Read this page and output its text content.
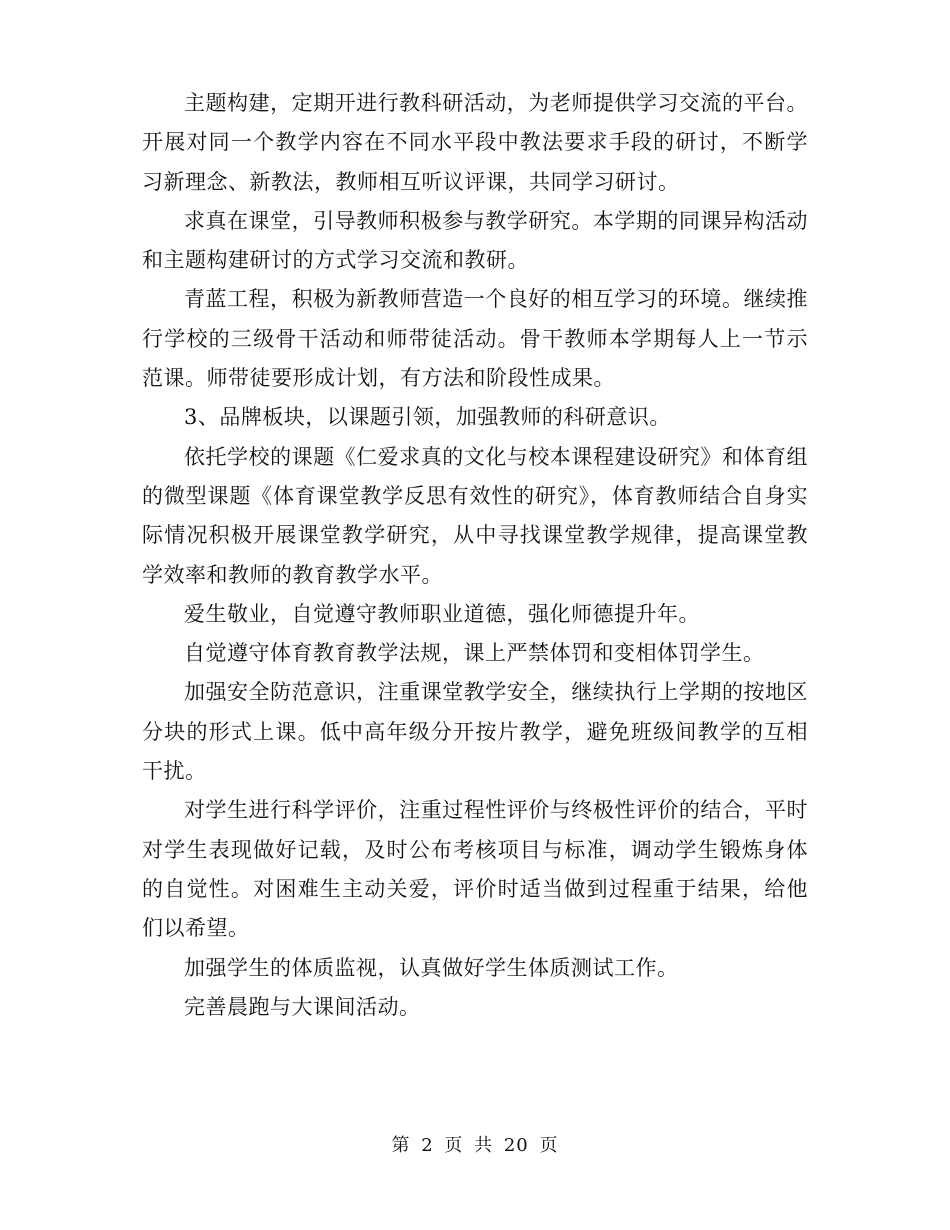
主题构建，定期开进行教科研活动，为老师提供学习交流的平台。开展对同一个教学内容在不同水平段中教法要求手段的研讨，不断学习新理念、新教法，教师相互听议评课，共同学习研讨。

求真在课堂，引导教师积极参与教学研究。本学期的同课异构活动和主题构建研讨的方式学习交流和教研。

青蓝工程，积极为新教师营造一个良好的相互学习的环境。继续推行学校的三级骨干活动和师带徒活动。骨干教师本学期每人上一节示范课。师带徒要形成计划，有方法和阶段性成果。

3、品牌板块，以课题引领，加强教师的科研意识。

依托学校的课题《仁爱求真的文化与校本课程建设研究》和体育组的微型课题《体育课堂教学反思有效性的研究》，体育教师结合自身实际情况积极开展课堂教学研究，从中寻找课堂教学规律，提高课堂教学效率和教师的教育教学水平。

爱生敬业，自觉遵守教师职业道德，强化师德提升年。

自觉遵守体育教育教学法规，课上严禁体罚和变相体罚学生。

加强安全防范意识，注重课堂教学安全，继续执行上学期的按地区分块的形式上课。低中高年级分开按片教学，避免班级间教学的互相干扰。

对学生进行科学评价，注重过程性评价与终极性评价的结合，平时对学生表现做好记载，及时公布考核项目与标准，调动学生锻炼身体的自觉性。对困难生主动关爱，评价时适当做到过程重于结果，给他们以希望。

加强学生的体质监视，认真做好学生体质测试工作。

完善晨跑与大课间活动。

第 2 页 共 20 页
